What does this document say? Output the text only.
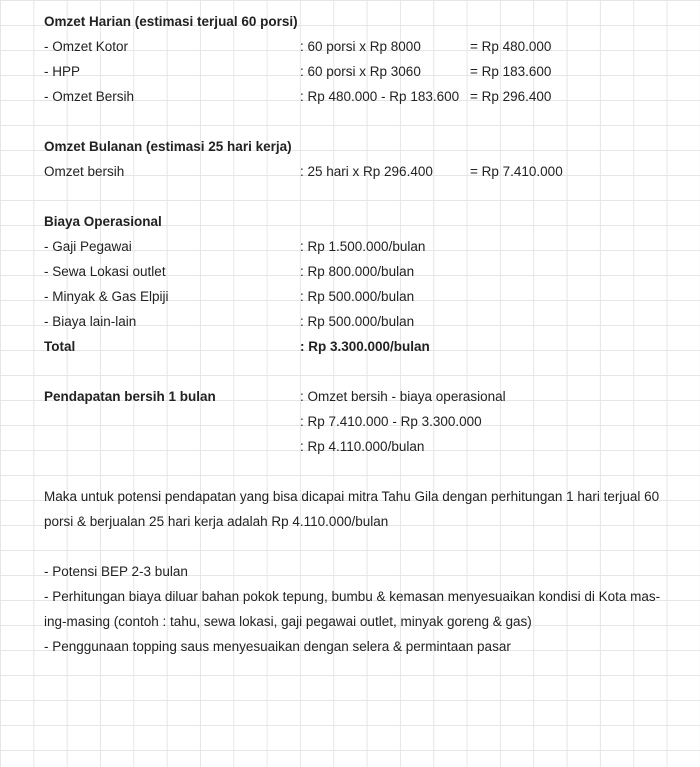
Omzet Harian (estimasi terjual 60 porsi)
- Omzet Kotor	: 60 porsi x Rp 8000	= Rp 480.000
- HPP	: 60 porsi x Rp 3060	= Rp 183.600
- Omzet Bersih	: Rp 480.000 - Rp 183.600 = Rp 296.400
Omzet Bulanan (estimasi 25 hari kerja)
Omzet bersih	: 25 hari x Rp 296.400	= Rp 7.410.000
Biaya Operasional
- Gaji Pegawai	: Rp 1.500.000/bulan
- Sewa Lokasi outlet	: Rp 800.000/bulan
- Minyak & Gas Elpiji	: Rp 500.000/bulan
- Biaya lain-lain	: Rp 500.000/bulan
Total	: Rp 3.300.000/bulan
Pendapatan bersih 1 bulan	: Omzet bersih - biaya operasional
: Rp 7.410.000 - Rp 3.300.000
: Rp 4.110.000/bulan
Maka untuk potensi pendapatan yang bisa dicapai mitra Tahu Gila dengan perhitungan 1 hari terjual 60 porsi & berjualan 25 hari kerja adalah Rp 4.110.000/bulan
- Potensi BEP 2-3 bulan
- Perhitungan biaya diluar bahan pokok tepung, bumbu & kemasan menyesuaikan kondisi di Kota mas-ing-masing (contoh : tahu, sewa lokasi, gaji pegawai outlet, minyak goreng & gas)
- Penggunaan topping saus menyesuaikan dengan selera & permintaan pasar
